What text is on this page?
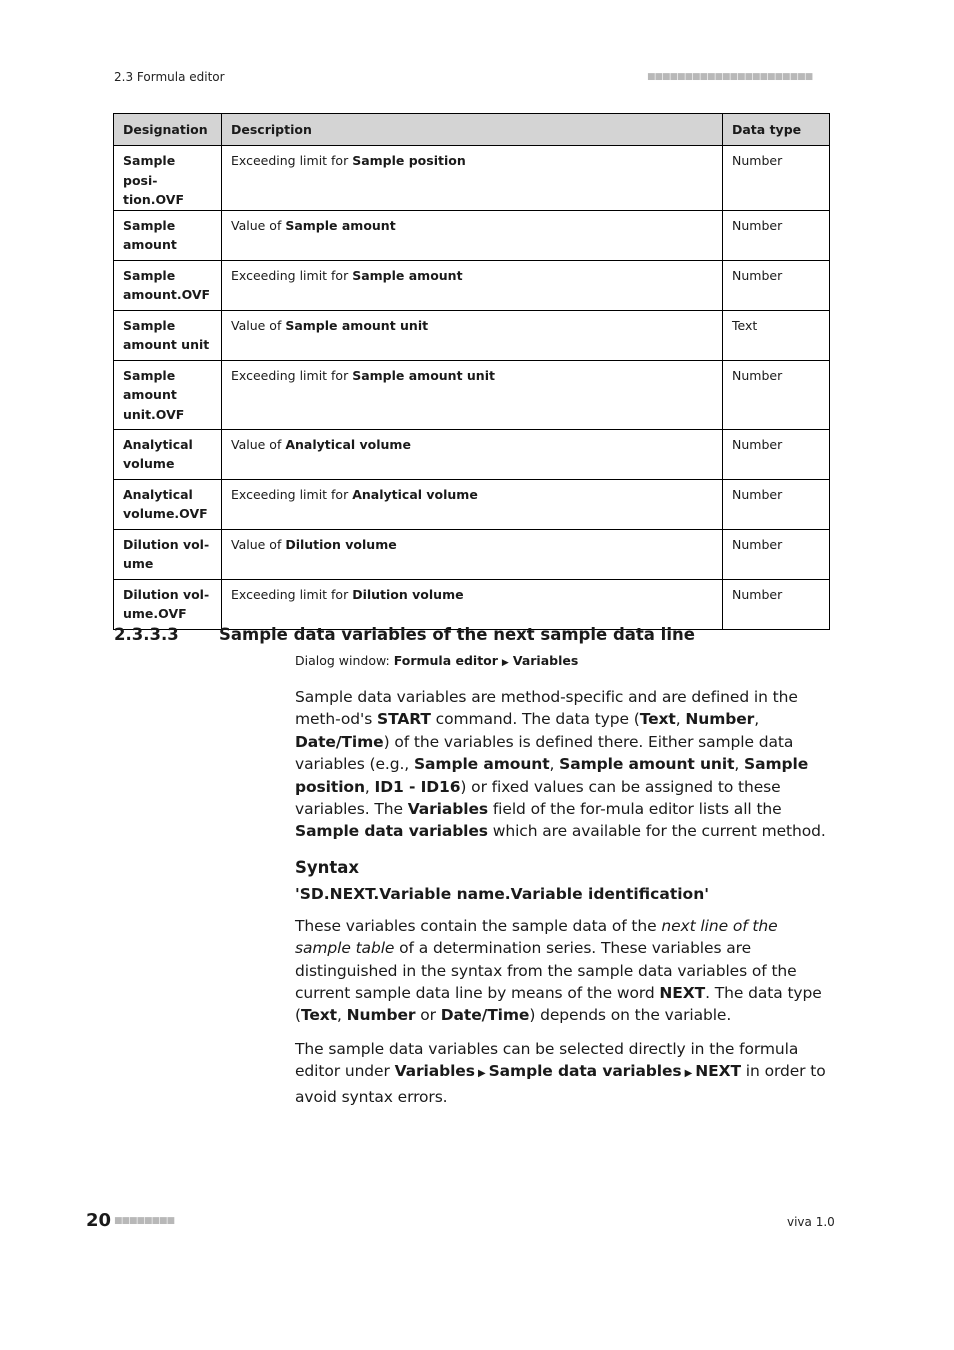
2.3 Formula editor	■■■■■■■■■■■■■■■■■■■■■■
Designation	Description	Data type
Sample posi-
tion.OVF	Exceeding limit for Sample position	Number
Sample
amount	Value of Sample amount	Number
Sample
amount.OVF	Exceeding limit for Sample amount	Number
Sample
amount unit	Value of Sample amount unit	Text
Sample
amount
unit.OVF	Exceeding limit for Sample amount unit	Number
Analytical
volume	Value of Analytical volume	Number
Analytical
volume.OVF	Exceeding limit for Analytical volume	Number
Dilution vol-
ume	Value of Dilution volume	Number
Dilution vol-
ume.OVF	Exceeding limit for Dilution volume	Number
2.3.3.3 Sample data variables of the next sample data line
Dialog window: Formula editor ▶ Variables

Sample data variables are method-specific and are defined in the meth-od's START command. The data type (Text, Number, Date/Time) of the variables is defined there. Either sample data variables (e.g., Sample amount, Sample amount unit, Sample position, ID1 - ID16) or fixed values can be assigned to these variables. The Variables field of the for-mula editor lists all the Sample data variables which are available for the current method.

Syntax
'SD.NEXT.Variable name.Variable identification'

These variables contain the sample data of the next line of the sample table of a determination series. These variables are distinguished in the syntax from the sample data variables of the current sample data line by means of the word NEXT. The data type (Text, Number or Date/Time) depends on the variable.

The sample data variables can be selected directly in the formula editor under Variables ▶ Sample data variables ▶ NEXT in order to avoid syntax errors.

20 ■■■■■■■■	viva 1.0
